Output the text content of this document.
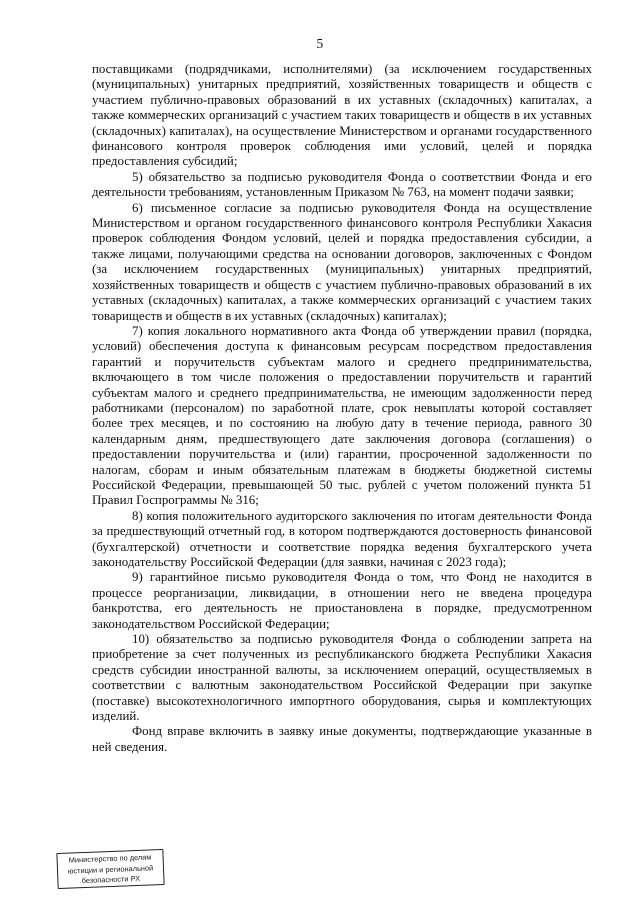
5

поставщиками (подрядчиками, исполнителями) (за исключением государственных (муниципальных) унитарных предприятий, хозяйственных товариществ и обществ с участием публично-правовых образований в их уставных (складочных) капиталах, а также коммерческих организаций с участием таких товариществ и обществ в их уставных (складочных) капиталах), на осуществление Министерством и органами государственного финансового контроля проверок соблюдения ими условий, целей и порядка предоставления субсидий;

5) обязательство за подписью руководителя Фонда о соответствии Фонда и его деятельности требованиям, установленным Приказом № 763, на момент подачи заявки;

6) письменное согласие за подписью руководителя Фонда на осуществление Министерством и органом государственного финансового контроля Республики Хакасия проверок соблюдения Фондом условий, целей и порядка предоставления субсидии, а также лицами, получающими средства на основании договоров, заключенных с Фондом (за исключением государственных (муниципальных) унитарных предприятий, хозяйственных товариществ и обществ с участием публично-правовых образований в их уставных (складочных) капиталах, а также коммерческих организаций с участием таких товариществ и обществ в их уставных (складочных) капиталах);

7) копия локального нормативного акта Фонда об утверждении правил (порядка, условий) обеспечения доступа к финансовым ресурсам посредством предоставления гарантий и поручительств субъектам малого и среднего предпринимательства, включающего в том числе положения о предоставлении поручительств и гарантий субъектам малого и среднего предпринимательства, не имеющим задолженности перед работниками (персоналом) по заработной плате, срок невыплаты которой составляет более трех месяцев, и по состоянию на любую дату в течение периода, равного 30 календарным дням, предшествующего дате заключения договора (соглашения) о предоставлении поручительства и (или) гарантии, просроченной задолженности по налогам, сборам и иным обязательным платежам в бюджеты бюджетной системы Российской Федерации, превышающей 50 тыс. рублей с учетом положений пункта 51 Правил Госпрограммы № 316;

8) копия положительного аудиторского заключения по итогам деятельности Фонда за предшествующий отчетный год, в котором подтверждаются достоверность финансовой (бухгалтерской) отчетности и соответствие порядка ведения бухгалтерского учета законодательству Российской Федерации (для заявки, начиная с 2023 года);

9) гарантийное письмо руководителя Фонда о том, что Фонд не находится в процессе реорганизации, ликвидации, в отношении него не введена процедура банкротства, его деятельность не приостановлена в порядке, предусмотренном законодательством Российской Федерации;

10) обязательство за подписью руководителя Фонда о соблюдении запрета на приобретение за счет полученных из республиканского бюджета Республики Хакасия средств субсидии иностранной валюты, за исключением операций, осуществляемых в соответствии с валютным законодательством Российской Федерации при закупке (поставке) высокотехнологичного импортного оборудования, сырья и комплектующих изделий.

Фонд вправе включить в заявку иные документы, подтверждающие указанные в ней сведения.

Министерство по делам
юстиции и региональной
безопасности РХ
